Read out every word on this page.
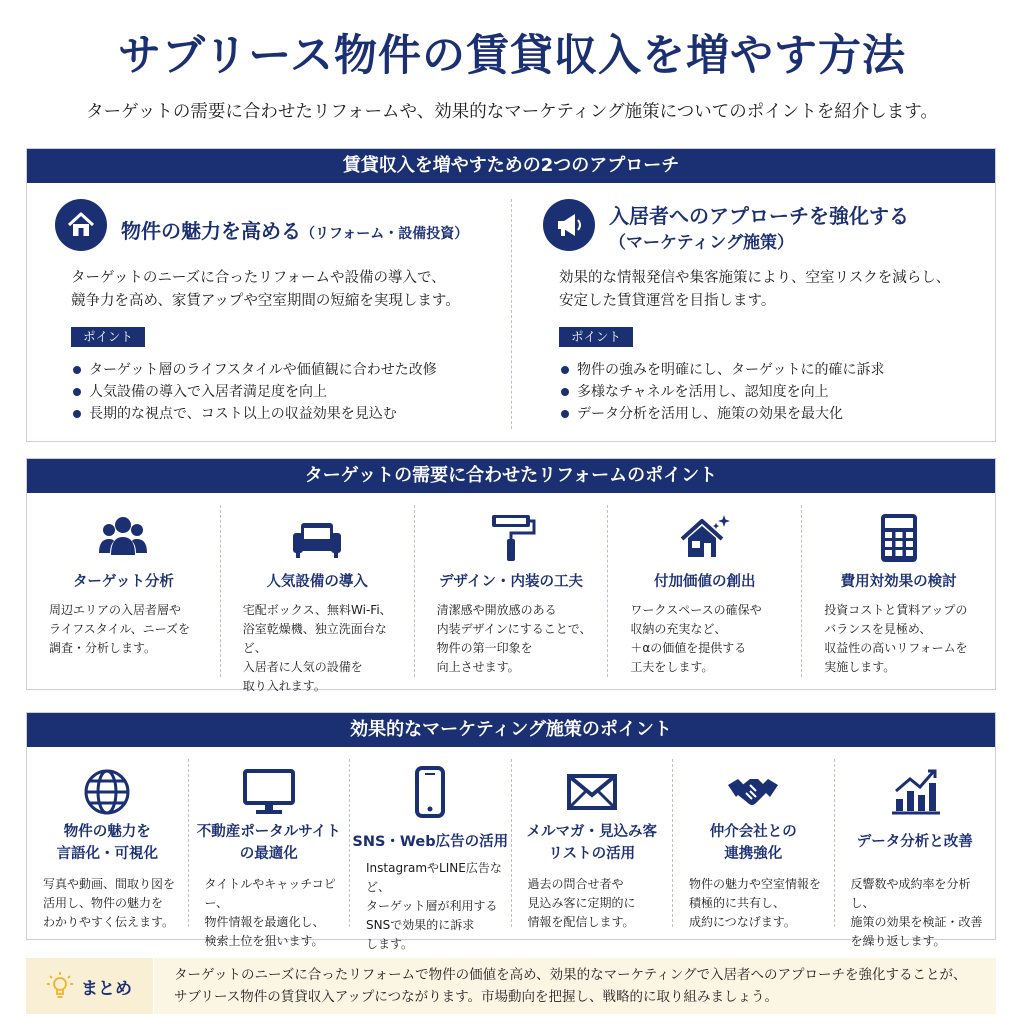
サブリース物件の賃貸収入を増やす方法
ターゲットの需要に合わせたリフォームや、効果的なマーケティング施策についてのポイントを紹介します。
賃貸収入を増やすための2つのアプローチ
物件の魅力を高める（リフォーム・設備投資）
ターゲットのニーズに合ったリフォームや設備の導入で、
競争力を高め、家賃アップや空室期間の短縮を実現します。
ポイント
ターゲット層のライフスタイルや価値観に合わせた改修
人気設備の導入で入居者満足度を向上
長期的な視点で、コスト以上の収益効果を見込む
入居者へのアプローチを強化する
（マーケティング施策）
効果的な情報発信や集客施策により、空室リスクを減らし、
安定した賃貸運営を目指します。
ポイント
物件の強みを明確にし、ターゲットに的確に訴求
多様なチャネルを活用し、認知度を向上
データ分析を活用し、施策の効果を最大化
ターゲットの需要に合わせたリフォームのポイント
ターゲット分析
周辺エリアの入居者層や
ライフスタイル、ニーズを
調査・分析します。
人気設備の導入
宅配ボックス、無料Wi-Fi、
浴室乾燥機、独立洗面台など、
入居者に人気の設備を
取り入れます。
デザイン・内装の工夫
清潔感や開放感のある
内装デザインにすることで、
物件の第一印象を
向上させます。
付加価値の創出
ワークスペースの確保や
収納の充実など、
＋αの価値を提供する
工夫をします。
費用対効果の検討
投資コストと賃料アップの
バランスを見極め、
収益性の高いリフォームを
実施します。
効果的なマーケティング施策のポイント
物件の魅力を
言語化・可視化
写真や動画、間取り図を
活用し、物件の魅力を
わかりやすく伝えます。
不動産ポータルサイト
の最適化
タイトルやキャッチコピー、
物件情報を最適化し、
検索上位を狙います。
SNS・Web広告の活用
InstagramやLINE広告など、
ターゲット層が利用する
SNSで効果的に訴求
します。
メルマガ・見込み客
リストの活用
過去の問合せ者や
見込み客に定期的に
情報を配信します。
仲介会社との
連携強化
物件の魅力や空室情報を
積極的に共有し、
成約につなげます。
データ分析と改善
反響数や成約率を分析し、
施策の効果を検証・改善
を繰り返します。
まとめ
ターゲットのニーズに合ったリフォームで物件の価値を高め、効果的なマーケティングで入居者へのアプローチを強化することが、
サブリース物件の賃貸収入アップにつながります。市場動向を把握し、戦略的に取り組みましょう。
